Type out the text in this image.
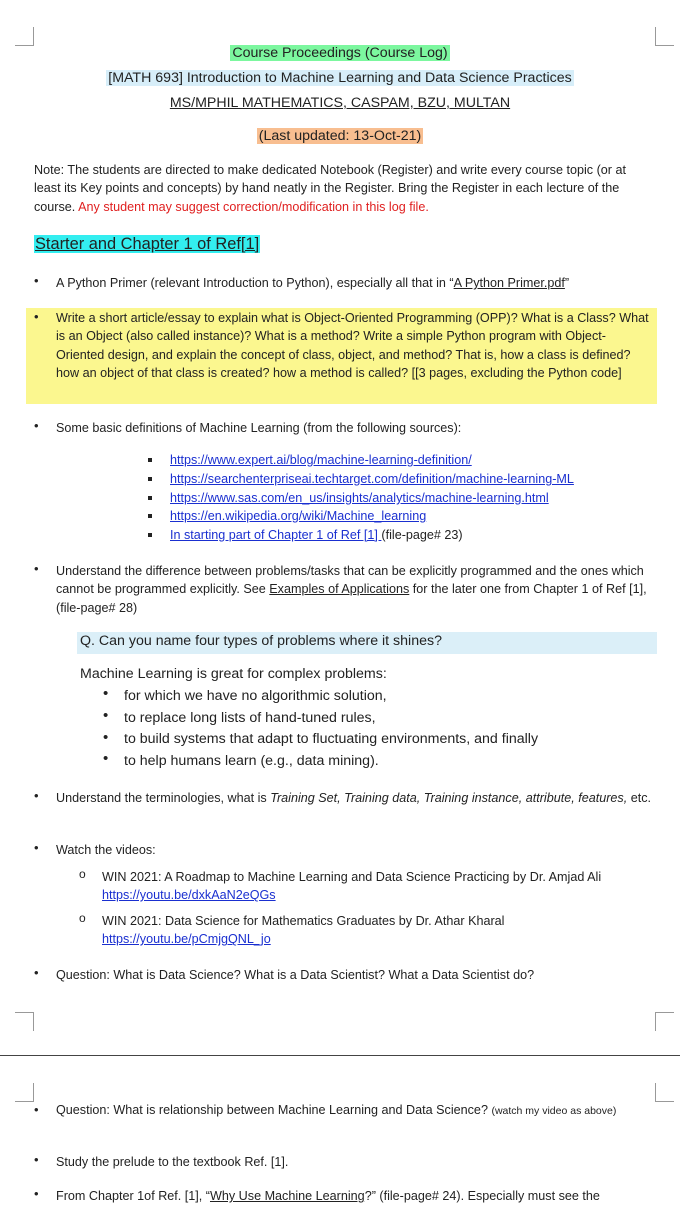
Course Proceedings (Course Log)
[MATH 693] Introduction to Machine Learning and Data Science Practices
MS/MPHIL MATHEMATICS, CASPAM, BZU, MULTAN
(Last updated: 13-Oct-21)
Note: The students are directed to make dedicated Notebook (Register) and write every course topic (or at least its Key points and concepts) by hand neatly in the Register. Bring the Register in each lecture of the course. Any student may suggest correction/modification in this log file.
Starter and Chapter 1 of Ref[1]
• A Python Primer (relevant Introduction to Python), especially all that in “A Python Primer.pdf”
• Write a short article/essay to explain what is Object-Oriented Programming (OPP)? What is a Class? What is an Object (also called instance)? What is a method? Write a simple Python program with Object-Oriented design, and explain the concept of class, object, and method? That is, how a class is defined? how an object of that class is created? how a method is called? [[3 pages, excluding the Python code]
• Some basic definitions of Machine Learning (from the following sources):
https://www.expert.ai/blog/machine-learning-definition/
https://searchenterpriseai.techtarget.com/definition/machine-learning-ML
https://www.sas.com/en_us/insights/analytics/machine-learning.html
https://en.wikipedia.org/wiki/Machine_learning
In starting part of Chapter 1 of Ref [1] (file-page# 23)
• Understand the difference between problems/tasks that can be explicitly programmed and the ones which cannot be programmed explicitly. See Examples of Applications for the later one from Chapter 1 of Ref [1], (file-page# 28)
Q. Can you name four types of problems where it shines?
Machine Learning is great for complex problems:
• for which we have no algorithmic solution,
• to replace long lists of hand-tuned rules,
• to build systems that adapt to fluctuating environments, and finally
• to help humans learn (e.g., data mining).
• Understand the terminologies, what is Training Set, Training data, Training instance, attribute, features, etc.
• Watch the videos:
o WIN 2021: A Roadmap to Machine Learning and Data Science Practicing by Dr. Amjad Ali
https://youtu.be/dxkAaN2eQGs
o WIN 2021: Data Science for Mathematics Graduates by Dr. Athar Kharal
https://youtu.be/pCmjgQNL_jo
• Question: What is Data Science? What is a Data Scientist? What a Data Scientist do?
• Question: What is relationship between Machine Learning and Data Science? (watch my video as above)
• Study the prelude to the textbook Ref. [1].
• From Chapter 1of Ref. [1], “Why Use Machine Learning?” (file-page# 24). Especially must see the
